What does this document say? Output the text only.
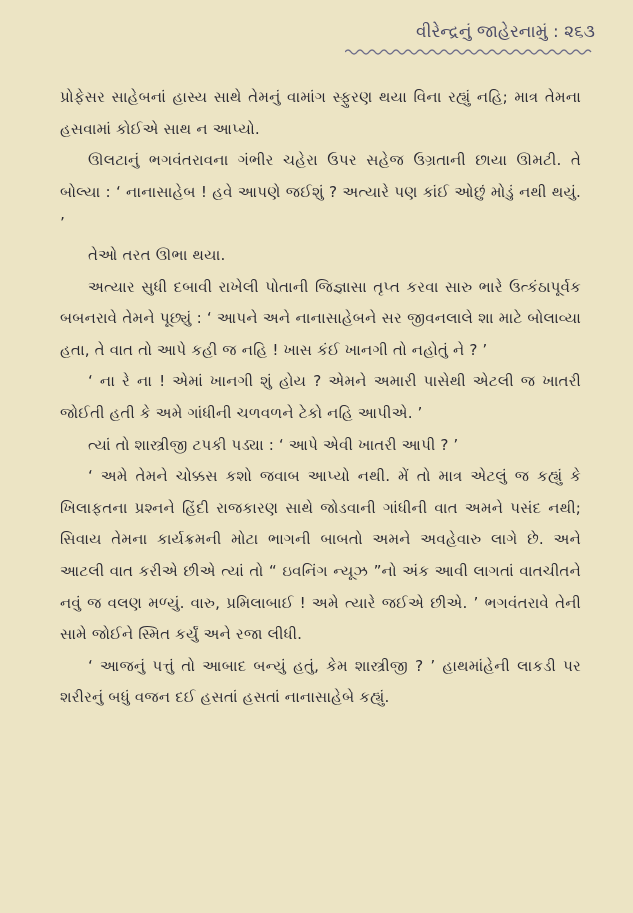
વીરેન્દ્રનું જાહેરનામું : ૨૬૩

પ્રોફેસર સાહેબનાં હાસ્ય સાથે તેમનું વામાંગ સ્ફુરણ થયા વિના રહ્યું નહિ; માત્ર તેમના હસવામાં કોઈએ સાથ ન આપ્યો.

ઊલટાનું ભગવંતરાવના ગંભીર ચહેરા ઉપર સહેજ ઉગ્રતાની છાયા ઊમટી. તે બોલ્યા : ‘ નાનાસાહેબ ! હવે આપણે જઈશું ? અત્યારે પણ કાંઈ ઓછું મોડું નથી થયું. ’

તેઓ તરત ઊભા થયા.

અત્યાર સુધી દબાવી રાખેલી પોતાની જિજ્ઞાસા તૃપ્ત કરવા સારુ ભારે ઉત્કંઠાપૂર્વક બબનરાવે તેમને પૂછ્યું : ‘ આપને અને નાનાસાહેબને સર જીવનલાલે શા માટે બોલાવ્યા હતા, તે વાત તો આપે કહી જ નહિ ! ખાસ કંઈ ખાનગી તો નહોતું ને ? ’

‘ ના રે ના ! એમાં ખાનગી શું હોય ? એમને અમારી પાસેથી એટલી જ ખાતરી જોઈતી હતી કે અમે ગાંધીની ચળવળને ટેકો નહિ આપીએ. ’

ત્યાં તો શાસ્ત્રીજી ટપકી પડ્યા : ‘ આપે એવી ખાતરી આપી ? ’

‘ અમે તેમને ચોક્કસ કશો જવાબ આપ્યો નથી. મેં તો માત્ર એટલું જ કહ્યું કે ખિલાફતના પ્રશ્નને હિંદી રાજકારણ સાથે જોડવાની ગાંધીની વાત અમને પસંદ નથી; સિવાય તેમના કાર્યક્રમની મોટા ભાગની બાબતો અમને અવહેવારુ લાગે છે. અને આટલી વાત કરીએ છીએ ત્યાં તો “ ઇવનિંગ ન્યૂઝ ”નો અંક આવી લાગતાં વાતચીતને નવું જ વલણ મળ્યું. વારુ, પ્રમિલાબાઈ ! અમે ત્યારે જઈએ છીએ. ’ ભગવંતરાવે તેની સામે જોઈને સ્મિત કર્યું અને રજા લીધી.

‘ આજનું પત્તું તો આબાદ બન્યું હતું, કેમ શાસ્ત્રીજી ? ’ હાથમાંહેની લાકડી પર શરીરનું બધું વજન દઈ હસતાં હસતાં નાનાસાહેબે કહ્યું.
